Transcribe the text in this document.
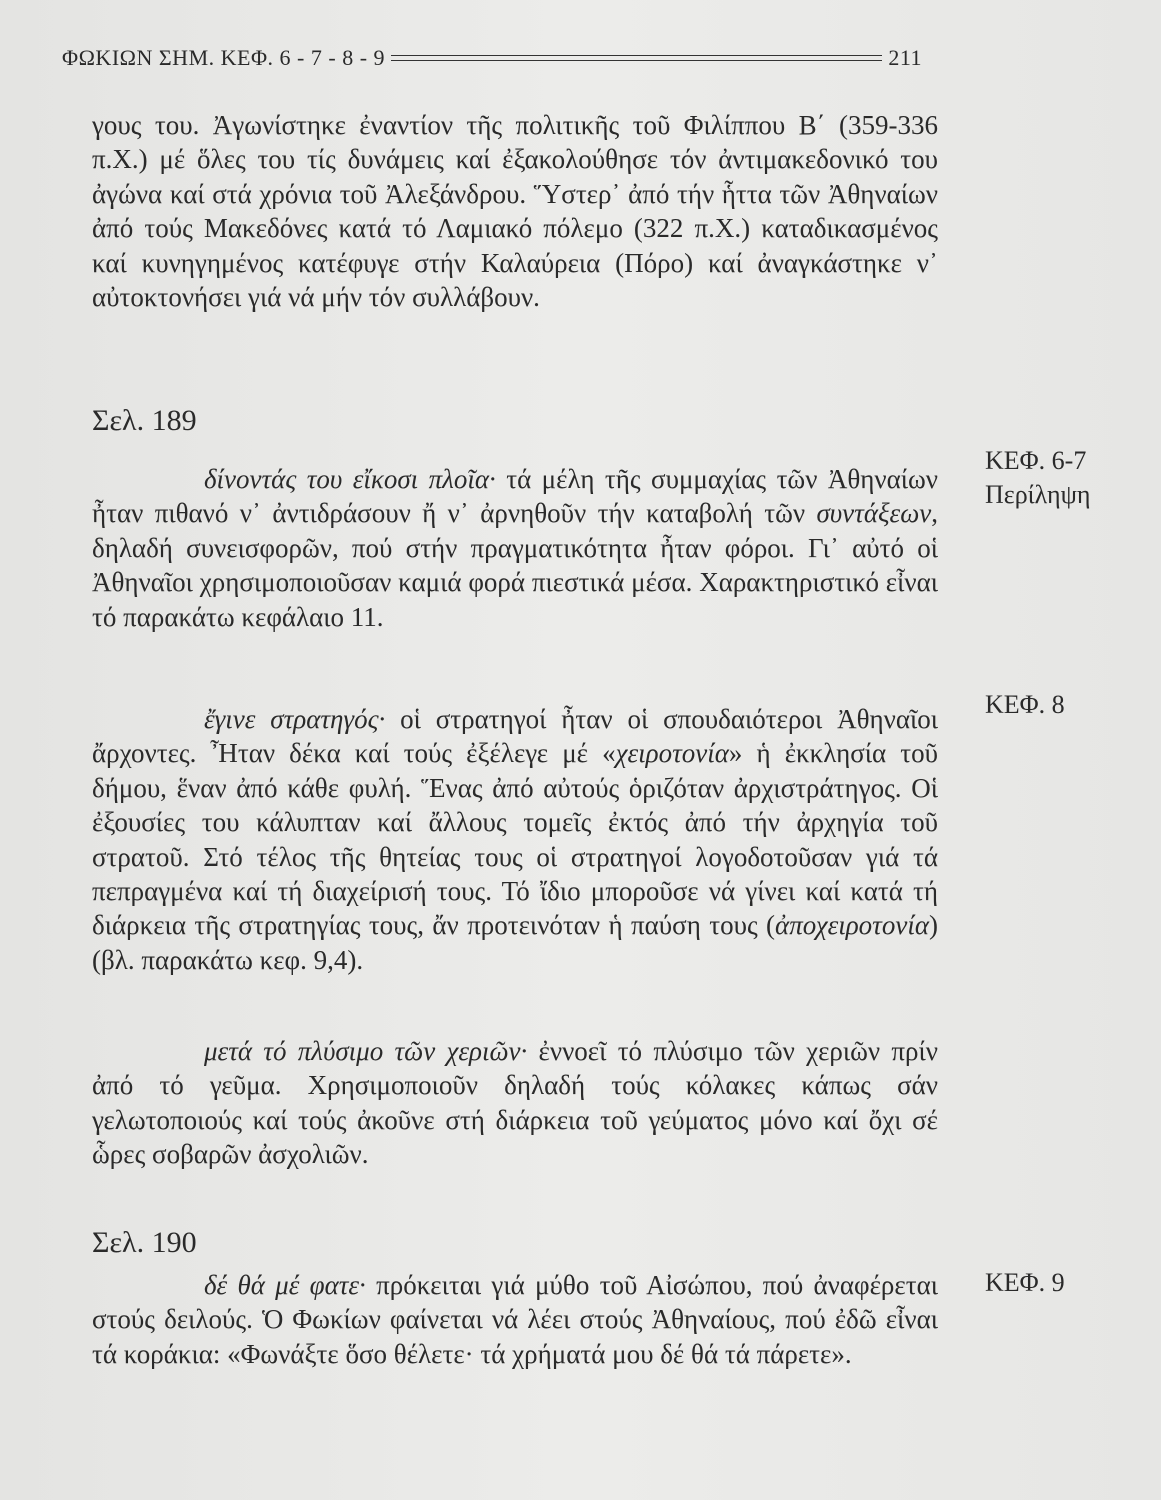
ΦΩΚΙΩΝ ΣΗΜ. ΚΕΦ. 6 - 7 - 8 - 9	211

γους του. Ἀγωνίστηκε ἐναντίον τῆς πολιτικῆς τοῦ Φιλίππου Β΄ (359-336 π.Χ.) μέ ὅλες του τίς δυνάμεις καί ἐξακολούθησε τόν ἀντιμακεδονικό του ἀγώνα καί στά χρόνια τοῦ Ἀλεξάνδρου. Ὕστερ᾽ ἀπό τήν ἧττα τῶν Ἀθηναίων ἀπό τούς Μακεδόνες κατά τό Λαμιακό πόλεμο (322 π.Χ.) καταδικασμένος καί κυνηγημένος κατέφυγε στήν Καλαύρεια (Πόρο) καί ἀναγκάστηκε ν᾽ αὐτοκτονήσει γιά νά μήν τόν συλλάβουν.

Σελ. 189
ΚΕΦ. 6-7
Περίληψη

δίνοντάς του εἴκοσι πλοῖα· τά μέλη τῆς συμμαχίας τῶν Ἀθηναίων ἦταν πιθανό ν᾽ ἀντιδράσουν ἤ ν᾽ ἀρνηθοῦν τήν καταβολή τῶν συντάξεων, δηλαδή συνεισφορῶν, πού στήν πραγματικότητα ἦταν φόροι. Γι᾽ αὐτό οἱ Ἀθηναῖοι χρησιμοποιοῦσαν καμιά φορά πιεστικά μέσα. Χαρακτηριστικό εἶναι τό παρακάτω κεφάλαιο 11.

ΚΕΦ. 8

ἔγινε στρατηγός· οἱ στρατηγοί ἦταν οἱ σπουδαιότεροι Ἀθηναῖοι ἄρχοντες. Ἦταν δέκα καί τούς ἐξέλεγε μέ «χειροτονία» ἡ ἐκκλησία τοῦ δήμου, ἕναν ἀπό κάθε φυλή. Ἕνας ἀπό αὐτούς ὁριζόταν ἀρχιστράτηγος. Οἱ ἐξουσίες του κάλυπταν καί ἄλλους τομεῖς ἐκτός ἀπό τήν ἀρχηγία τοῦ στρατοῦ. Στό τέλος τῆς θητείας τους οἱ στρατηγοί λογοδοτοῦσαν γιά τά πεπραγμένα καί τή διαχείρισή τους. Τό ἴδιο μποροῦσε νά γίνει καί κατά τή διάρκεια τῆς στρατηγίας τους, ἄν προτεινόταν ἡ παύση τους (ἀποχειροτονία) (βλ. παρακάτω κεφ. 9,4).

μετά τό πλύσιμο τῶν χεριῶν· ἐννοεῖ τό πλύσιμο τῶν χεριῶν πρίν ἀπό τό γεῦμα. Χρησιμοποιοῦν δηλαδή τούς κόλακες κάπως σάν γελωτοποιούς καί τούς ἀκοῦνε στή διάρκεια τοῦ γεύματος μόνο καί ὄχι σέ ὧρες σοβαρῶν ἀσχολιῶν.

Σελ. 190
ΚΕΦ. 9

δέ θά μέ φατε· πρόκειται γιά μύθο τοῦ Αἰσώπου, πού ἀναφέρεται στούς δειλούς. Ὁ Φωκίων φαίνεται νά λέει στούς Ἀθηναίους, πού ἐδῶ εἶναι τά κοράκια: «Φωνάξτε ὅσο θέλετε· τά χρήματά μου δέ θά τά πάρετε».
